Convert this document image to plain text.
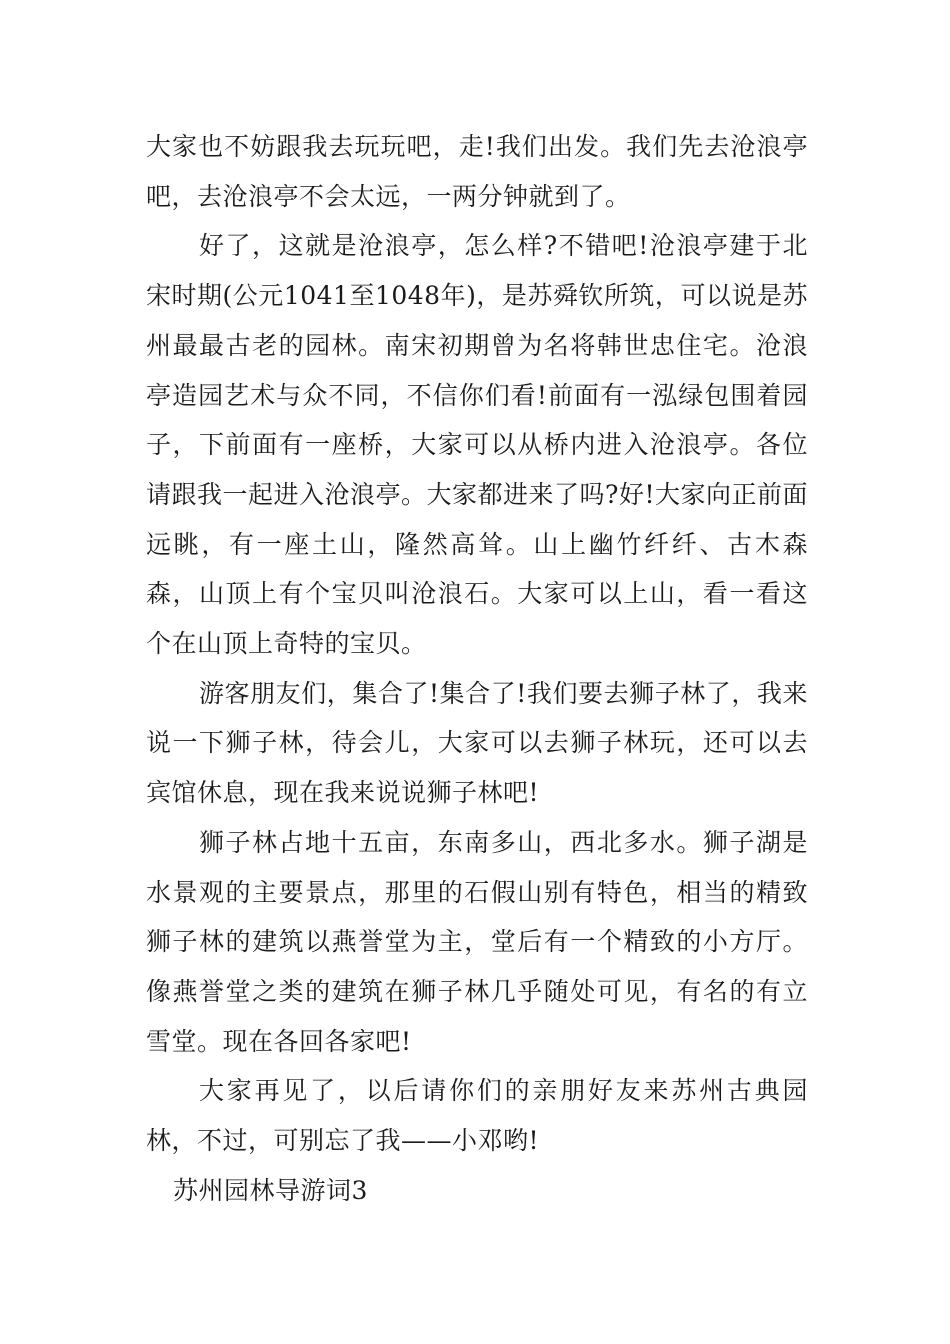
大家也不妨跟我去玩玩吧，走!我们出发。我们先去沧浪亭吧，去沧浪亭不会太远，一两分钟就到了。

好了，这就是沧浪亭，怎么样?不错吧!沧浪亭建于北宋时期(公元1041至1048年)，是苏舜钦所筑，可以说是苏州最最古老的园林。南宋初期曾为名将韩世忠住宅。沧浪亭造园艺术与众不同，不信你们看!前面有一泓绿包围着园子，下前面有一座桥，大家可以从桥内进入沧浪亭。各位请跟我一起进入沧浪亭。大家都进来了吗?好!大家向正前面远眺，有一座土山，隆然高耸。山上幽竹纤纤、古木森森，山顶上有个宝贝叫沧浪石。大家可以上山，看一看这个在山顶上奇特的宝贝。

游客朋友们，集合了!集合了!我们要去狮子林了，我来说一下狮子林，待会儿，大家可以去狮子林玩，还可以去宾馆休息，现在我来说说狮子林吧!

狮子林占地十五亩，东南多山，西北多水。狮子湖是水景观的主要景点，那里的石假山别有特色，相当的精致狮子林的建筑以燕誉堂为主，堂后有一个精致的小方厅。像燕誉堂之类的建筑在狮子林几乎随处可见，有名的有立雪堂。现在各回各家吧!

大家再见了，以后请你们的亲朋好友来苏州古典园林，不过，可别忘了我——小邓哟!

苏州园林导游词3
